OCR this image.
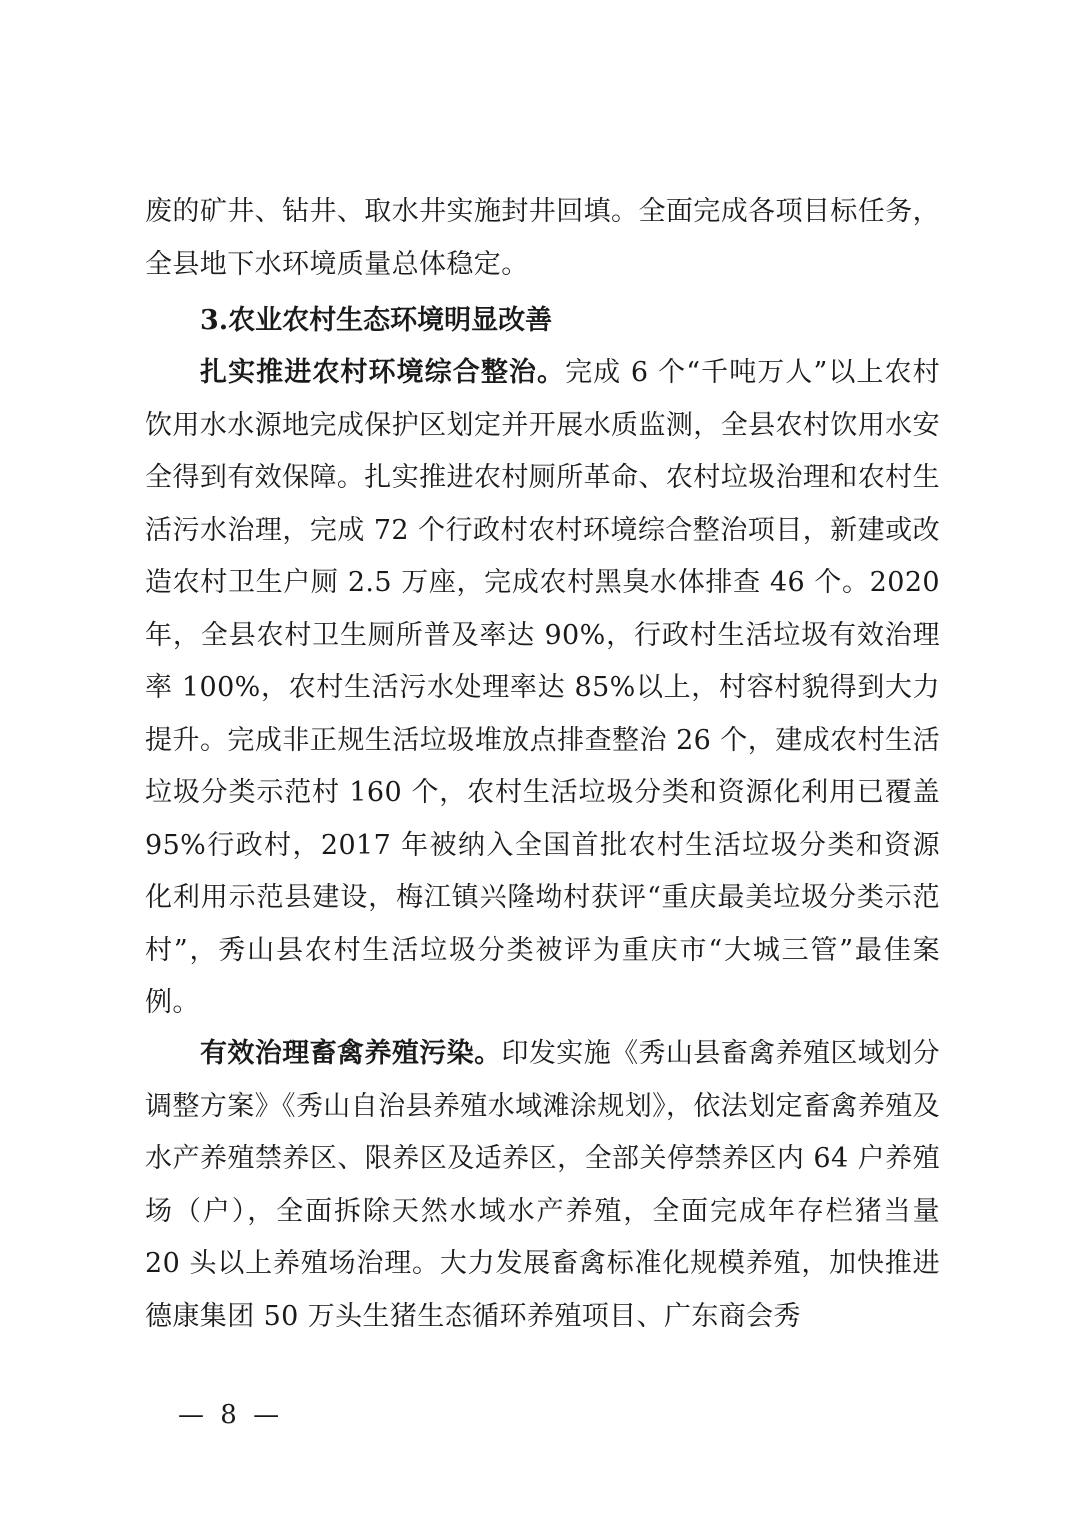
废的矿井、钻井、取水井实施封井回填。全面完成各项目标任务，全县地下水环境质量总体稳定。
3.农业农村生态环境明显改善

扎实推进农村环境综合整治。完成 6 个“千吨万人”以上农村饮用水水源地完成保护区划定并开展水质监测，全县农村饮用水安全得到有效保障。扎实推进农村厕所革命、农村垃圾治理和农村生活污水治理，完成 72 个行政村农村环境综合整治项目，新建或改造农村卫生户厕 2.5 万座，完成农村黑臭水体排查 46 个。2020 年，全县农村卫生厕所普及率达 90%，行政村生活垃圾有效治理率 100%，农村生活污水处理率达 85%以上，村容村貌得到大力提升。完成非正规生活垃圾堆放点排查整治 26 个，建成农村生活垃圾分类示范村 160 个，农村生活垃圾分类和资源化利用已覆盖 95%行政村，2017 年被纳入全国首批农村生活垃圾分类和资源化利用示范县建设，梅江镇兴隆坳村获评“重庆最美垃圾分类示范村”，秀山县农村生活垃圾分类被评为重庆市“大城三管”最佳案例。

有效治理畜禽养殖污染。印发实施《秀山县畜禽养殖区域划分调整方案》《秀山自治县养殖水域滩涂规划》，依法划定畜禽养殖及水产养殖禁养区、限养区及适养区，全部关停禁养区内 64 户养殖场（户），全面拆除天然水域水产养殖，全面完成年存栏猪当量 20 头以上养殖场治理。大力发展畜禽标准化规模养殖，加快推进德康集团 50 万头生猪生态循环养殖项目、广东商会秀

— 8 —
